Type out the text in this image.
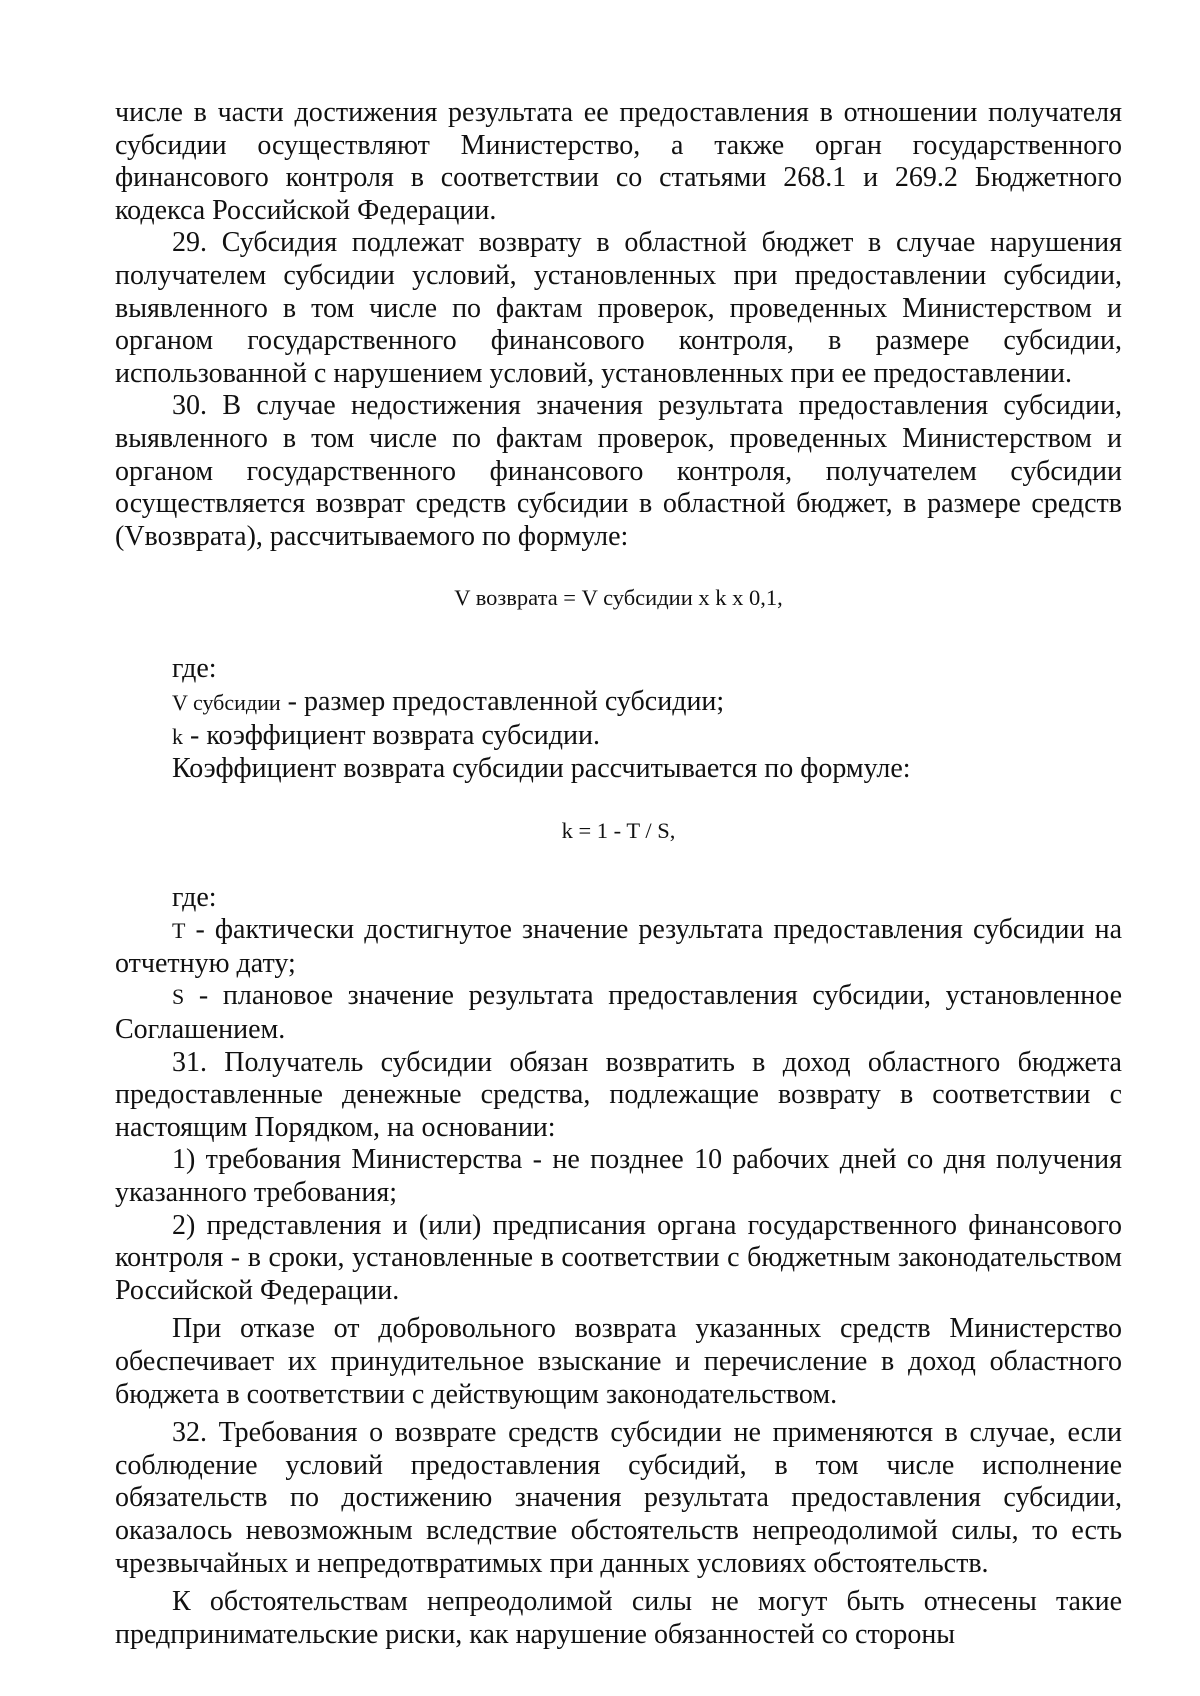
числе в части достижения результата ее предоставления в отношении получателя субсидии осуществляют Министерство, а также орган государственного финансового контроля в соответствии со статьями 268.1 и 269.2 Бюджетного кодекса Российской Федерации.

29. Субсидия подлежат возврату в областной бюджет в случае нарушения получателем субсидии условий, установленных при предоставлении субсидии, выявленного в том числе по фактам проверок, проведенных Министерством и органом государственного финансового контроля, в размере субсидии, использованной с нарушением условий, установленных при ее предоставлении.

30. В случае недостижения значения результата предоставления субсидии, выявленного в том числе по фактам проверок, проведенных Министерством и органом государственного финансового контроля, получателем субсидии осуществляется возврат средств субсидии в областной бюджет, в размере средств (Vвозврата), рассчитываемого по формуле:

V возврата = V субсидии x k x 0,1,

где:

V субсидии - размер предоставленной субсидии;

k - коэффициент возврата субсидии.

Коэффициент возврата субсидии рассчитывается по формуле:

k = 1 - T / S,

где:

T - фактически достигнутое значение результата предоставления субсидии на отчетную дату;

S - плановое значение результата предоставления субсидии, установленное Соглашением.

31. Получатель субсидии обязан возвратить в доход областного бюджета предоставленные денежные средства, подлежащие возврату в соответствии с настоящим Порядком, на основании:

1) требования Министерства - не позднее 10 рабочих дней со дня получения указанного требования;

2) представления и (или) предписания органа государственного финансового контроля - в сроки, установленные в соответствии с бюджетным законодательством Российской Федерации.

При отказе от добровольного возврата указанных средств Министерство обеспечивает их принудительное взыскание и перечисление в доход областного бюджета в соответствии с действующим законодательством.

32. Требования о возврате средств субсидии не применяются в случае, если соблюдение условий предоставления субсидий, в том числе исполнение обязательств по достижению значения результата предоставления субсидии, оказалось невозможным вследствие обстоятельств непреодолимой силы, то есть чрезвычайных и непредотвратимых при данных условиях обстоятельств.

К обстоятельствам непреодолимой силы не могут быть отнесены такие предпринимательские риски, как нарушение обязанностей со стороны
